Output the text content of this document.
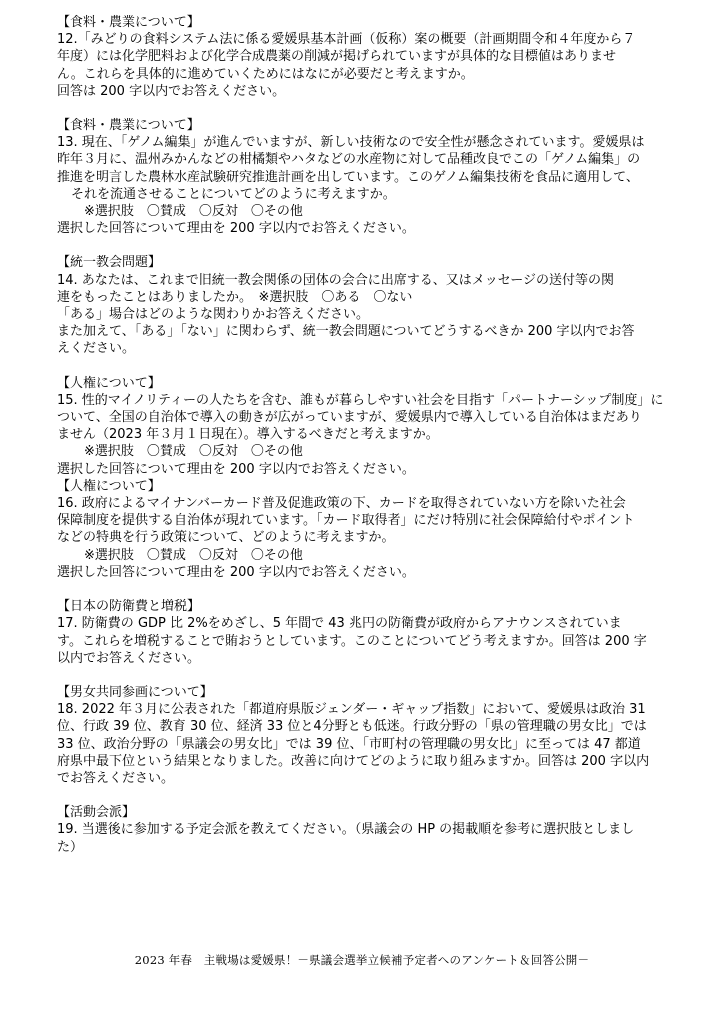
【食料・農業について】

12.「みどりの食料システム法に係る愛媛県基本計画（仮称）案の概要（計画期間令和４年度から７

年度）には化学肥料および化学合成農薬の削減が掲げられていますが具体的な目標値はありませ

ん。これらを具体的に進めていくためにはなにが必要だと考えますか。

回答は 200 字以内でお答えください。

【食料・農業について】

13. 現在、「ゲノム編集」が進んでいますが、新しい技術なので安全性が懸念されています。愛媛県は

昨年３月に、温州みかんなどの柑橘類やハタなどの水産物に対して品種改良でこの「ゲノム編集」の

推進を明言した農林水産試験研究推進計画を出しています。このゲノム編集技術を食品に適用して、

それを流通させることについてどのように考えますか。

※選択肢　〇賛成　〇反対　〇その他

選択した回答について理由を 200 字以内でお答えください。

【統一教会問題】

14. あなたは、これまで旧統一教会関係の団体の会合に出席する、又はメッセージの送付等の関

連をもったことはありましたか。　※選択肢　〇ある　〇ない

「ある」場合はどのような関わりかお答えください。

また加えて、「ある」「ない」に関わらず、統一教会問題についてどうするべきか 200 字以内でお答

えください。

【人権について】

15. 性的マイノリティーの人たちを含む、誰もが暮らしやすい社会を目指す「パートナーシップ制度」に

ついて、全国の自治体で導入の動きが広がっていますが、愛媛県内で導入している自治体はまだあり

ません（2023 年３月１日現在）。導入するべきだと考えますか。

※選択肢　〇賛成　〇反対　〇その他

選択した回答について理由を 200 字以内でお答えください。

【人権について】

16. 政府によるマイナンバーカード普及促進政策の下、カードを取得されていない方を除いた社会

保障制度を提供する自治体が現れています。「カード取得者」にだけ特別に社会保障給付やポイント

などの特典を行う政策について、どのように考えますか。

※選択肢　〇賛成　〇反対　〇その他

選択した回答について理由を 200 字以内でお答えください。

【日本の防衛費と増税】

17. 防衛費の GDP 比 2%をめざし、5 年間で 43 兆円の防衛費が政府からアナウンスされていま

す。これらを増税することで賄おうとしています。このことについてどう考えますか。回答は 200 字

以内でお答えください。

【男女共同参画について】

18. 2022 年３月に公表された「都道府県版ジェンダー・ギャップ指数」において、愛媛県は政治 31

位、行政 39 位、教育 30 位、経済 33 位と4分野とも低迷。行政分野の「県の管理職の男女比」では

33 位、政治分野の「県議会の男女比」では 39 位、「市町村の管理職の男女比」に至っては 47 都道

府県中最下位という結果となりました。改善に向けてどのように取り組みますか。回答は 200 字以内

でお答えください。

【活動会派】

19. 当選後に参加する予定会派を教えてください。（県議会の HP の掲載順を参考に選択肢としまし

た）

2023 年春　主戦場は愛媛県！－県議会選挙立候補予定者へのアンケート＆回答公開－
